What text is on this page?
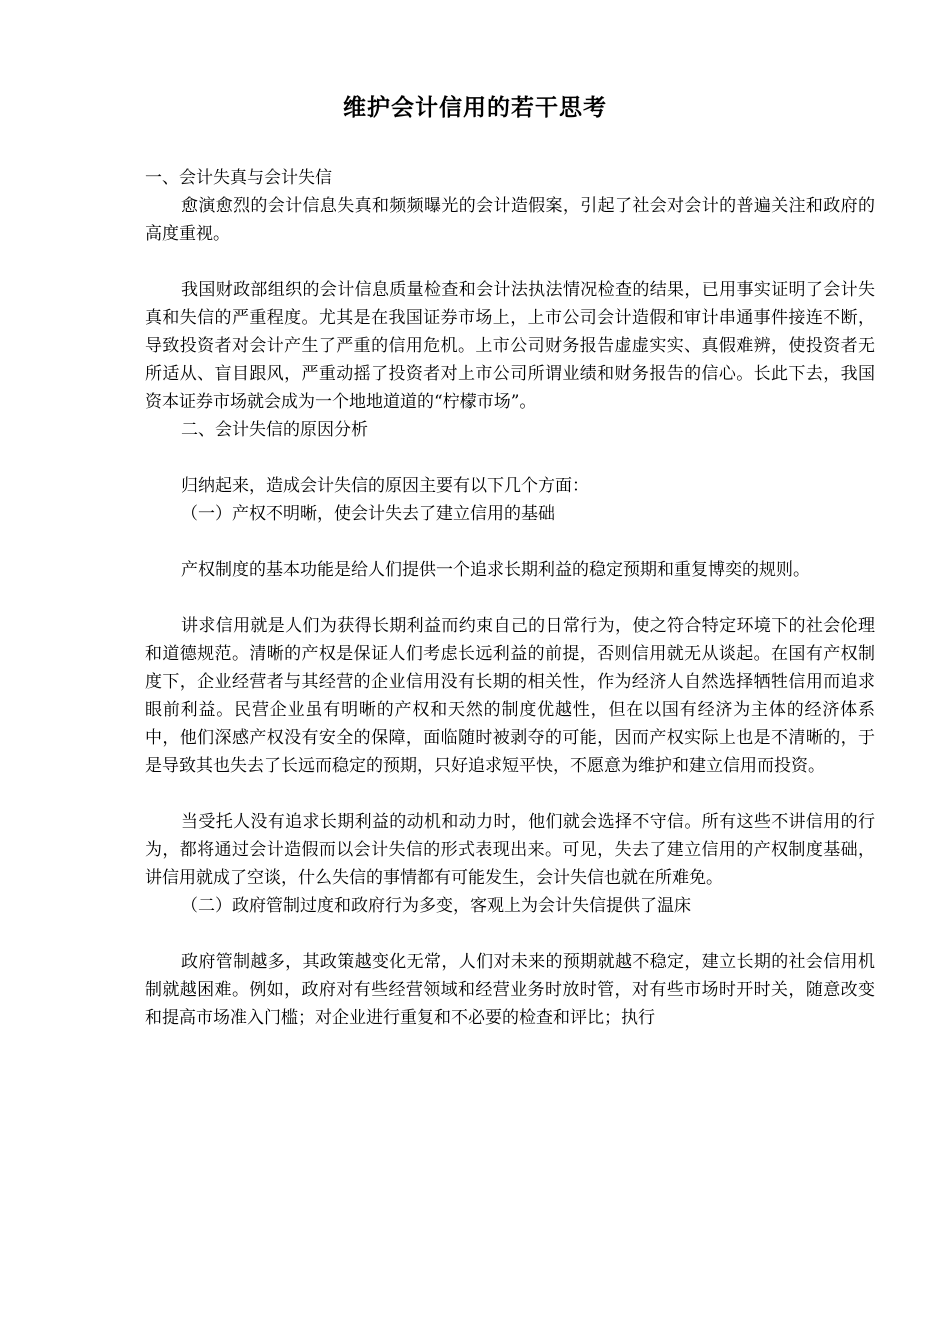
维护会计信用的若干思考

一、会计失真与会计失信

愈演愈烈的会计信息失真和频频曝光的会计造假案，引起了社会对会计的普遍关注和政府的高度重视。

我国财政部组织的会计信息质量检查和会计法执法情况检查的结果，已用事实证明了会计失真和失信的严重程度。尤其是在我国证券市场上，上市公司会计造假和审计串通事件接连不断，导致投资者对会计产生了严重的信用危机。上市公司财务报告虚虚实实、真假难辨，使投资者无所适从、盲目跟风，严重动摇了投资者对上市公司所谓业绩和财务报告的信心。长此下去，我国资本证券市场就会成为一个地地道道的“柠檬市场”。

二、会计失信的原因分析

归纳起来，造成会计失信的原因主要有以下几个方面：

（一）产权不明晰，使会计失去了建立信用的基础

产权制度的基本功能是给人们提供一个追求长期利益的稳定预期和重复博奕的规则。

讲求信用就是人们为获得长期利益而约束自己的日常行为，使之符合特定环境下的社会伦理和道德规范。清晰的产权是保证人们考虑长远利益的前提，否则信用就无从谈起。在国有产权制度下，企业经营者与其经营的企业信用没有长期的相关性，作为经济人自然选择牺牲信用而追求眼前利益。民营企业虽有明晰的产权和天然的制度优越性，但在以国有经济为主体的经济体系中，他们深感产权没有安全的保障，面临随时被剥夺的可能，因而产权实际上也是不清晰的，于是导致其也失去了长远而稳定的预期，只好追求短平快，不愿意为维护和建立信用而投资。

当受托人没有追求长期利益的动机和动力时，他们就会选择不守信。所有这些不讲信用的行为，都将通过会计造假而以会计失信的形式表现出来。可见，失去了建立信用的产权制度基础，讲信用就成了空谈，什么失信的事情都有可能发生，会计失信也就在所难免。

（二）政府管制过度和政府行为多变，客观上为会计失信提供了温床

政府管制越多，其政策越变化无常，人们对未来的预期就越不稳定，建立长期的社会信用机制就越困难。例如，政府对有些经营领域和经营业务时放时管，对有些市场时开时关，随意改变和提高市场准入门槛；对企业进行重复和不必要的检查和评比；执行
